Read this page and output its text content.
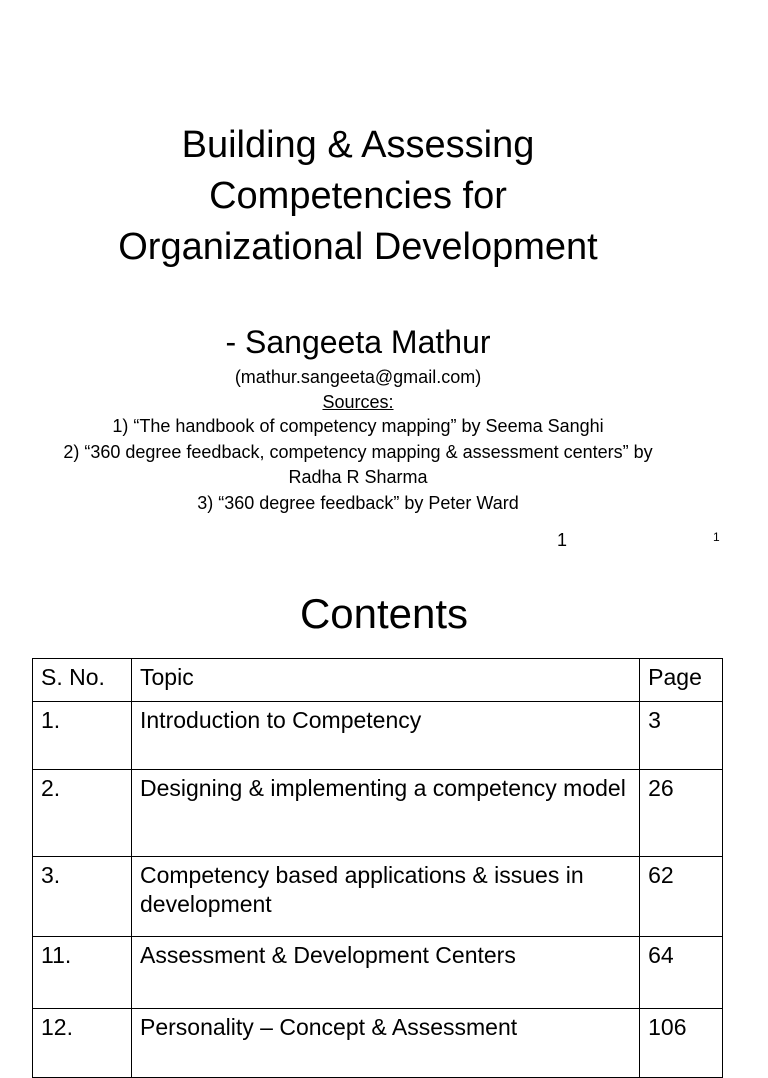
Building & Assessing
Competencies for
Organizational Development
- Sangeeta Mathur
(mathur.sangeeta@gmail.com)
Sources:
1) “The handbook of competency mapping” by Seema Sanghi
2) “360 degree feedback, competency mapping & assessment centers” by Radha R Sharma
3) “360 degree feedback” by Peter Ward
1	1
Contents
S. No.	Topic	Page
1.	Introduction to Competency	3
2.	Designing & implementing a competency model	26
3.	Competency based applications & issues in development	62
11.	Assessment & Development Centers	64
12.	Personality – Concept & Assessment	106
